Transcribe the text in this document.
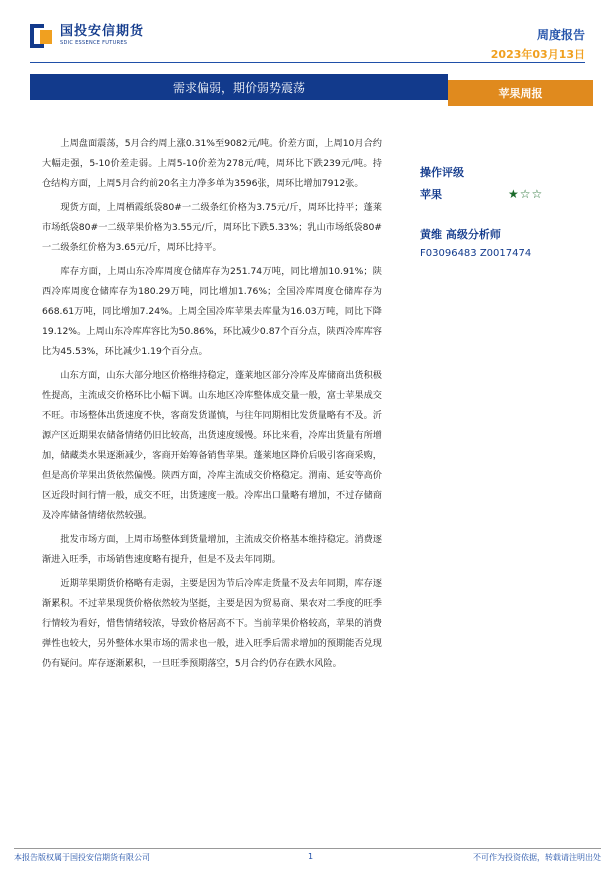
国投安信期货
SDIC ESSENCE FUTURES
周度报告
2023年03月13日
需求偏弱，期价弱势震荡	苹果周报

上周盘面震荡，5月合约周上涨0.31%至9082元/吨。价差方面，上周10月合约大幅走强，5-10价差走弱。上周5-10价差为278元/吨，周环比下跌239元/吨。持仓结构方面，上周5月合约前20名主力净多单为3596张，周环比增加7912张。

现货方面，上周栖霞纸袋80#一二级条红价格为3.75元/斤，周环比持平；蓬莱市场纸袋80#一二级苹果价格为3.55元/斤，周环比下跌5.33%；乳山市场纸袋80#一二级条红价格为3.65元/斤，周环比持平。

库存方面，上周山东冷库周度仓储库存为251.74万吨，同比增加10.91%；陕西冷库周度仓储库存为180.29万吨，同比增加1.76%；全国冷库周度仓储库存为668.61万吨，同比增加7.24%。上周全国冷库苹果去库量为16.03万吨，同比下降19.12%。上周山东冷库库容比为50.86%，环比减少0.87个百分点，陕西冷库库容比为45.53%，环比减少1.19个百分点。

山东方面，山东大部分地区价格维持稳定，蓬莱地区部分冷库及库储商出货积极性提高，主流成交价格环比小幅下调。山东地区冷库整体成交量一般，富士苹果成交不旺。市场整体出货速度不快，客商发货谨慎，与往年同期相比发货量略有不及。沂源产区近期果农储备情绪仍旧比较高，出货速度缓慢。环比来看，冷库出货量有所增加，储藏类水果逐渐减少，客商开始筹备销售苹果。蓬莱地区降价后吸引客商采购，但是高价苹果出货依然偏慢。陕西方面，冷库主流成交价格稳定。渭南、延安等高价区近段时间行情一般，成交不旺，出货速度一般。冷库出口量略有增加，不过存储商及冷库储备情绪依然较强。

批发市场方面，上周市场整体到货量增加，主流成交价格基本维持稳定。消费逐渐进入旺季，市场销售速度略有提升，但是不及去年同期。

近期苹果期货价格略有走弱，主要是因为节后冷库走货量不及去年同期，库存逐渐累积。不过苹果现货价格依然较为坚挺，主要是因为贸易商、果农对二季度的旺季行情较为看好，惜售情绪较浓，导致价格居高不下。当前苹果价格较高，苹果的消费弹性也较大，另外整体水果市场的需求也一般，进入旺季后需求增加的预期能否兑现仍有疑问。库存逐渐累积，一旦旺季预期落空，5月合约仍存在跌水风险。

操作评级
苹果	★☆☆
黄维 高级分析师
F03096483 Z0017474
本报告版权属于国投安信期货有限公司	1	不可作为投资依据，转载请注明出处
